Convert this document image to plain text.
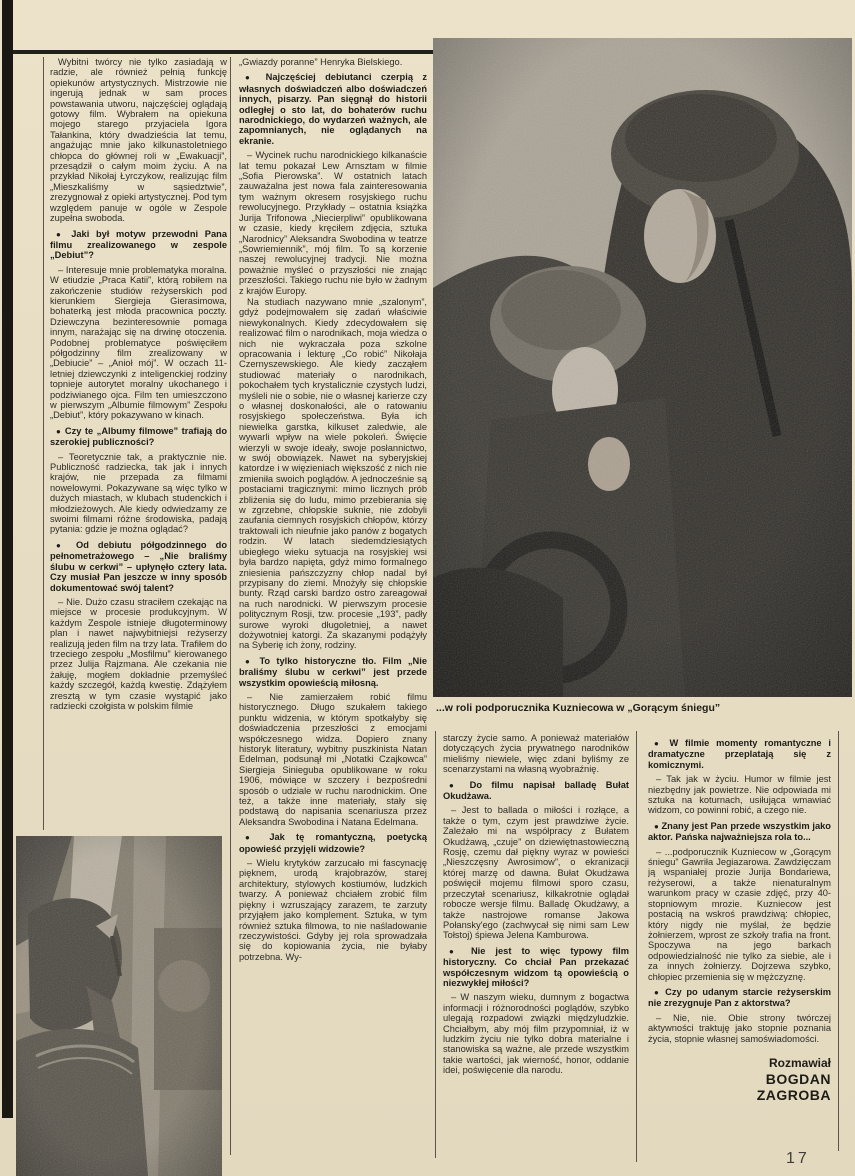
...w roli podporucznika Kuzniecowa w „Gorącym śniegu”

Wybitni twórcy nie tylko zasiadają w radzie, ale również pełnią funkcję opiekunów artystycznych. Mistrzowie nie ingerują jednak w sam proces powstawania utworu, najczęściej oglądają gotowy film. Wybrałem na opiekuna mojego starego przyjaciela Igora Tałankina, który dwadzieścia lat temu, angażując mnie jako kilkunastoletniego chłopca do głównej roli w „Ewakuacji”, przesądził o całym moim życiu. A na przykład Nikołaj Łyrczykow, realizując film „Mieszkaliśmy w sąsiedztwie”, zrezygnował z opieki artystycznej. Pod tym względem panuje w ogóle w Zespole zupełna swoboda.

● Jaki był motyw przewodni Pana filmu zrealizowanego w zespole „Debiut”?

– Interesuje mnie problematyka moralna. W etiudzie „Praca Katii”, którą robiłem na zakończenie studiów reżyserskich pod kierunkiem Siergieja Gierasimowa, bohaterką jest młoda pracownica poczty. Dziewczyna bezinteresownie pomaga innym, narażając się na drwinę otoczenia. Podobnej problematyce poświęciłem półgodzinny film zrealizowany w „Debiucie” – „Anioł mój”. W oczach 11-letniej dziewczynki z inteligenckiej rodziny topnieje autorytet moralny ukochanego i podziwianego ojca. Film ten umieszczono w pierwszym „Albumie filmowym” Zespołu „Debiut”, który pokazywano w kinach.

● Czy te „Albumy filmowe” trafiają do szerokiej publiczności?

– Teoretycznie tak, a praktycznie nie. Publiczność radziecka, tak jak i innych krajów, nie przepada za filmami nowelowymi. Pokazywane są więc tylko w dużych miastach, w klubach studenckich i młodzieżowych. Ale kiedy odwiedzamy ze swoimi filmami różne środowiska, padają pytania: gdzie je można oglądać?

● Od debiutu półgodzinnego do pełnometrażowego – „Nie braliśmy ślubu w cerkwi” – upłynęło cztery lata. Czy musiał Pan jeszcze w inny sposób dokumentować swój talent?

– Nie. Dużo czasu straciłem czekając na miejsce w procesie produkcyjnym. W każdym Zespole istnieje długoterminowy plan i nawet najwybitniejsi reżyserzy realizują jeden film na trzy lata. Trafiłem do trzeciego zespołu „Mosfilmu” kierowanego przez Julija Rajzmana. Ale czekania nie żałuję, mogłem dokładnie przemyśleć każdy szczegół, każdą kwestię. Zdążyłem zresztą w tym czasie wystąpić jako radziecki czołgista w polskim filmie

„Gwiazdy poranne” Henryka Bielskiego.

● Najczęściej debiutanci czerpią z własnych doświadczeń albo doświadczeń innych, pisarzy. Pan sięgnął do historii odległej o sto lat, do bohaterów ruchu narodnickiego, do wydarzeń ważnych, ale zapomnianych, nie oglądanych na ekranie.

– Wycinek ruchu narodnickiego kilkanaście lat temu pokazał Lew Arnsztam w filmie „Sofia Pierowska”. W ostatnich latach zauważalna jest nowa fala zainteresowania tym ważnym okresem rosyjskiego ruchu rewolucyjnego. Przykłady – ostatnia książka Jurija Trifonowa „Niecierpliwi” opublikowana w czasie, kiedy kręciłem zdjęcia, sztuka „Narodnicy” Aleksandra Swobodina w teatrze „Sowriemiennik”, mój film. To są korzenie naszej rewolucyjnej tradycji. Nie można poważnie myśleć o przyszłości nie znając przeszłości. Takiego ruchu nie było w żadnym z krajów Europy.

Na studiach nazywano mnie „szalonym”, gdyż podejmowałem się zadań właściwie niewykonalnych. Kiedy zdecydowałem się realizować film o narodnikach, moja wiedza o nich nie wykraczała poza szkolne opracowania i lekturę „Co robić” Nikołaja Czernyszewskiego. Ale kiedy zacząłem studiować materiały o narodnikach, pokochałem tych krystalicznie czystych ludzi, myśleli nie o sobie, nie o własnej karierze czy o własnej doskonałości, ale o ratowaniu rosyjskiego społeczeństwa. Była ich niewielka garstka, kilkuset zaledwie, ale wywarli wpływ na wiele pokoleń. Święcie wierzyli w swoje ideały, swoje posłannictwo, w swój obowiązek. Nawet na syberyjskiej katordze i w więzieniach większość z nich nie zmieniła swoich poglądów. A jednocześnie są postaciami tragicznymi: mimo licznych prób zbliżenia się do ludu, mimo przebierania się w zgrzebne, chłopskie suknie, nie zdobyli zaufania ciemnych rosyjskich chłopów, którzy traktowali ich nieufnie jako panów z bogatych rodzin. W latach siedemdziesiątych ubiegłego wieku sytuacja na rosyjskiej wsi była bardzo napięta, gdyż mimo formalnego zniesienia pańszczyzny chłop nadal był przypisany do ziemi. Mnożyły się chłopskie bunty. Rząd carski bardzo ostro zareagował na ruch narodnicki. W pierwszym procesie politycznym Rosji, tzw. procesie „193”, padły surowe wyroki długoletniej, a nawet dożywotniej katorgi. Za skazanymi podążyły na Syberię ich żony, rodziny.

● To tylko historyczne tło. Film „Nie braliśmy ślubu w cerkwi” jest przede wszystkim opowieścią miłosną.

– Nie zamierzałem robić filmu historycznego. Długo szukałem takiego punktu widzenia, w którym spotkałyby się doświadczenia przeszłości z emocjami współczesnego widza. Dopiero znany historyk literatury, wybitny puszkinista Natan Edelman, podsunął mi „Notatki Czajkowca” Siergieja Sinieguba opublikowane w roku 1906, mówiące w szczery i bezpośredni sposób o udziale w ruchu narodnickim. One też, a także inne materiały, stały się podstawą do napisania scenariusza przez Aleksandra Swobodina i Natana Edelmana.

● Jak tę romantyczną, poetycką opowieść przyjęli widzowie?

– Wielu krytyków zarzucało mi fascynację pięknem, urodą krajobrazów, starej architektury, stylowych kostiumów, ludzkich twarzy. A ponieważ chciałem zrobić film piękny i wzruszający zarazem, te zarzuty przyjąłem jako komplement. Sztuka, w tym również sztuka filmowa, to nie naśladowanie rzeczywistości. Gdyby jej rola sprowadzała się do kopiowania życia, nie byłaby potrzebna. Wy-

starczy życie samo. A ponieważ materiałów dotyczących życia prywatnego narodników mieliśmy niewiele, więc zdani byliśmy ze scenarzystami na własną wyobraźnię.

● Do filmu napisał balladę Bułat Okudżawa.

– Jest to ballada o miłości i rozłące, a także o tym, czym jest prawdziwe życie. Zależało mi na współpracy z Bułatem Okudżawą, „czuje” on dziewiętnastowieczną Rosję, czemu dał piękny wyraz w powieści „Nieszczęsny Awrosimow”, o ekranizacji której marzę od dawna. Bułat Okudżawa poświęcił mojemu filmowi sporo czasu, przeczytał scenariusz, kilkakrotnie oglądał robocze wersje filmu. Balladę Okudżawy, a także nastrojowe romanse Jakowa Połansky'ego (zachwycał się nimi sam Lew Tołstoj) śpiewa Jelena Kamburowa.

● Nie jest to więc typowy film historyczny. Co chciał Pan przekazać współczesnym widzom tą opowieścią o niezwykłej miłości?

– W naszym wieku, dumnym z bogactwa informacji i różnorodności poglądów, szybko ulegają rozpadowi związki międzyludzkie. Chciałbym, aby mój film przypomniał, iż w ludzkim życiu nie tylko dobra materialne i stanowiska są ważne, ale przede wszystkim takie wartości, jak wierność, honor, oddanie idei, poświęcenie dla narodu.

● W filmie momenty romantyczne i dramatyczne przeplatają się z komicznymi.

– Tak jak w życiu. Humor w filmie jest niezbędny jak powietrze. Nie odpowiada mi sztuka na koturnach, usiłująca wmawiać widzom, co powinni robić, a czego nie.

● Znany jest Pan przede wszystkim jako aktor. Pańska najważniejsza rola to...

– ...podporucznik Kuzniecow w „Gorącym śniegu” Gawriła Jegiazarowa. Zawdzięczam ją wspaniałej prozie Jurija Bondariewa, reżyserowi, a także nienaturalnym warunkom pracy w czasie zdjęć, przy 40-stopniowym mrozie. Kuzniecow jest postacią na wskroś prawdziwą: chłopiec, który nigdy nie myślał, że będzie żołnierzem, wprost ze szkoły trafia na front. Spoczywa na jego barkach odpowiedzialność nie tylko za siebie, ale i za innych żołnierzy. Dojrzewa szybko, chłopiec przemienia się w mężczyznę.

● Czy po udanym starcie reżyserskim nie zrezygnuje Pan z aktorstwa?

– Nie, nie. Obie strony twórczej aktywności traktuję jako stopnie poznania życia, stopnie własnej samoświadomości.

Rozmawiał
BOGDAN
ZAGROBA
17
